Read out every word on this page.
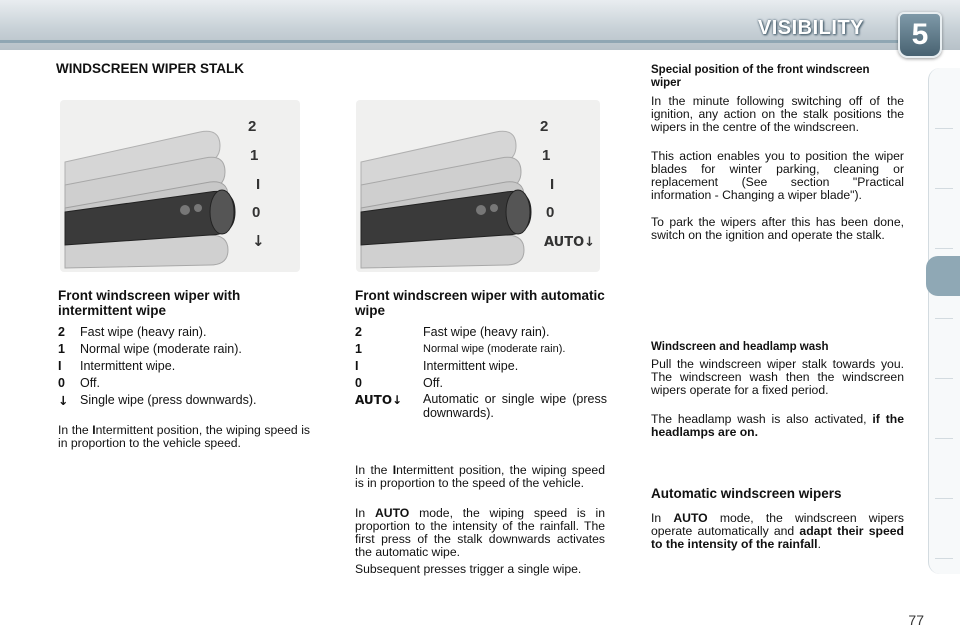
VISIBILITY	5
WINDSCREEN WIPER STALK
2
1
I
0
↓
2
1
I
0
AUTO↓
Front windscreen wiper with intermittent wipe
2	Fast wipe (heavy rain).
1	Normal wipe (moderate rain).
I	Intermittent wipe.
0	Off.
↓ Single wipe (press downwards).
In the Intermittent position, the wiping speed is in proportion to the vehicle speed.
Front windscreen wiper with automatic wipe
2	Fast wipe (heavy rain).
1	Normal wipe (moderate rain).
I	Intermittent wipe.
0	Off.
AUTO↓	Automatic or single wipe (press downwards).
In the Intermittent position, the wiping speed is in proportion to the speed of the vehicle.
In AUTO mode, the wiping speed is in proportion to the intensity of the rainfall. The first press of the stalk downwards activates the automatic wipe.
Subsequent presses trigger a single wipe.
Special position of the front windscreen wiper
In the minute following switching off of the ignition, any action on the stalk positions the wipers in the centre of the windscreen.
This action enables you to position the wiper blades for winter parking, cleaning or replacement (See section "Practical information - Changing a wiper blade").
To park the wipers after this has been done, switch on the ignition and operate the stalk.
Windscreen and headlamp wash
Pull the windscreen wiper stalk towards you. The windscreen wash then the windscreen wipers operate for a fixed period.
The headlamp wash is also activated, if the headlamps are on.
Automatic windscreen wipers
In AUTO mode, the windscreen wipers operate automatically and adapt their speed to the intensity of the rainfall.
77
